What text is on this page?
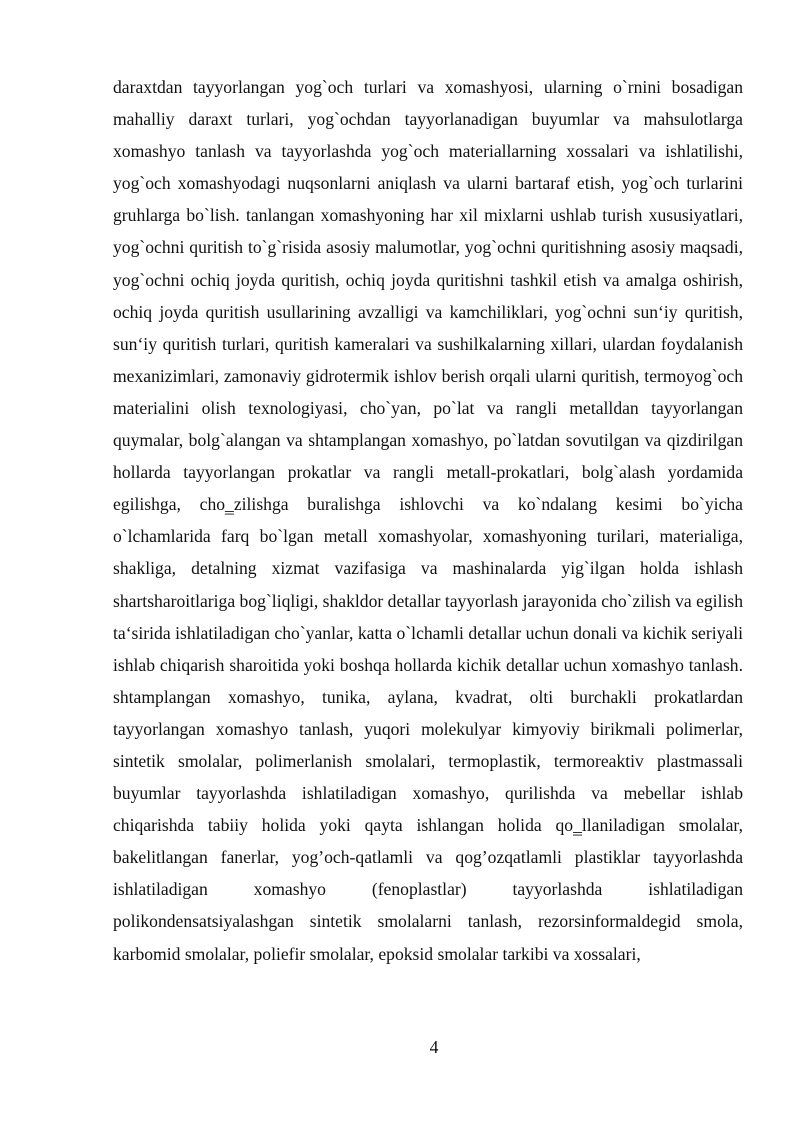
daraxtdan tayyorlangan yog`och turlari va xomashyosi, ularning o`rnini bosadigan mahalliy daraxt turlari, yog`ochdan tayyorlanadigan buyumlar va mahsulotlarga xomashyo tanlash va tayyorlashda yog`och materiallarning xossalari va ishlatilishi, yog`och xomashyodagi nuqsonlarni aniqlash va ularni bartaraf etish, yog`och turlarini gruhlarga bo`lish. tanlangan xomashyoning har xil mixlarni ushlab turish xususiyatlari, yog`ochni quritish to`g`risida asosiy malumotlar, yog`ochni quritishning asosiy maqsadi, yog`ochni ochiq joyda quritish, ochiq joyda quritishni tashkil etish va amalga oshirish, ochiq joyda quritish usullarining avzalligi va kamchiliklari, yog`ochni sun‘iy quritish, sun‘iy quritish turlari, quritish kameralari va sushilkalarning xillari, ulardan foydalanish mexanizimlari, zamonaviy gidrotermik ishlov berish orqali ularni quritish, termoyog`och materialini olish texnologiyasi, cho`yan, po`lat va rangli metalldan tayyorlangan quymalar, bolg`alangan va shtamplangan xomashyo, po`latdan sovutilgan va qizdirilgan hollarda tayyorlangan prokatlar va rangli metall-prokatlari, bolg`alash yordamida egilishga, cho‗zilishga buralishga ishlovchi va ko`ndalang kesimi bo`yicha o`lchamlarida farq bo`lgan metall xomashyolar, xomashyoning turilari, materialiga, shakliga, detalning xizmat vazifasiga va mashinalarda yig`ilgan holda ishlash shartsharoitlariga bog`liqligi, shakldor detallar tayyorlash jarayonida cho`zilish va egilish ta‘sirida ishlatiladigan cho`yanlar, katta o`lchamli detallar uchun donali va kichik seriyali ishlab chiqarish sharoitida yoki boshqa hollarda kichik detallar uchun xomashyo tanlash. shtamplangan xomashyo, tunika, aylana, kvadrat, olti burchakli prokatlardan tayyorlangan xomashyo tanlash, yuqori molekulyar kimyoviy birikmali polimerlar, sintetik smolalar, polimerlanish smolalari, termoplastik, termoreaktiv plastmassali buyumlar tayyorlashda ishlatiladigan xomashyo, qurilishda va mebellar ishlab chiqarishda tabiiy holida yoki qayta ishlangan holida qo‗llaniladigan smolalar, bakelitlangan fanerlar, yog’och-qatlamli va qog’ozqatlamli plastiklar tayyorlashda ishlatiladigan xomashyo (fenoplastlar) tayyorlashda ishlatiladigan polikondensatsiyalashgan sintetik smolalarni tanlash, rezorsinformaldegid smola, karbomid smolalar, poliefir smolalar, epoksid smolalar tarkibi va xossalari,

4
